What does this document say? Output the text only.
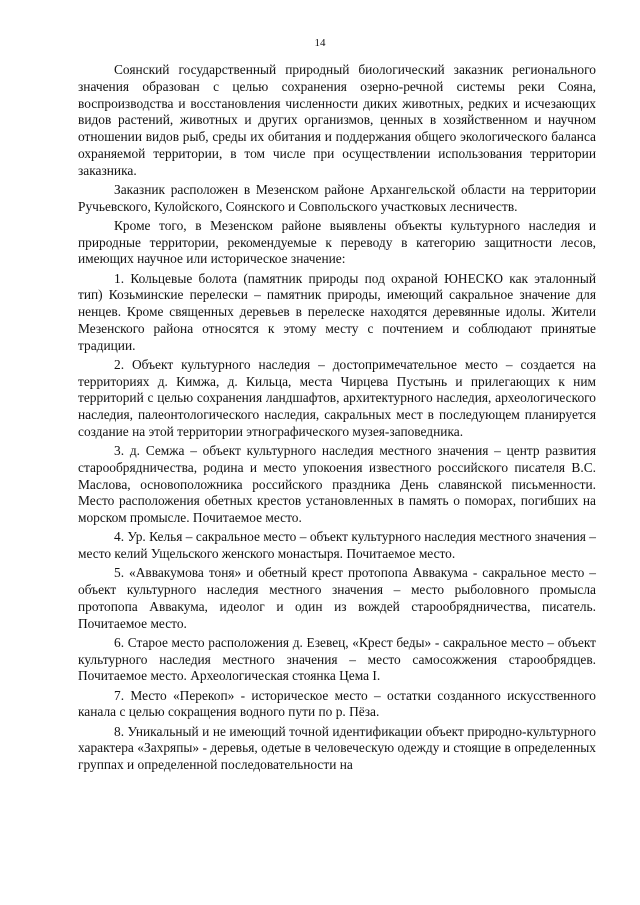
14

Соянский государственный природный биологический заказник регионального значения образован с целью сохранения озерно-речной системы реки Сояна, воспроизводства и восстановления численности диких животных, редких и исчезающих видов растений, животных и других организмов, ценных в хозяйственном и научном отношении видов рыб, среды их обитания и поддержания общего экологического баланса охраняемой территории, в том числе при осуществлении использования территории заказника.

Заказник расположен в Мезенском районе Архангельской области на территории Ручьевского, Кулойского, Соянского и Совпольского участковых лесничеств.

Кроме того, в Мезенском районе выявлены объекты культурного наследия и природные территории, рекомендуемые к переводу в категорию защитности лесов, имеющих научное или историческое значение:

1. Кольцевые болота (памятник природы под охраной ЮНЕСКО как эталонный тип) Козьминские перелески – памятник природы, имеющий сакральное значение для ненцев. Кроме священных деревьев в перелеске находятся деревянные идолы. Жители Мезенского района относятся к этому месту с почтением и соблюдают принятые традиции.

2. Объект культурного наследия – достопримечательное место – создается на территориях д. Кимжа, д. Кильца, места Чирцева Пустынь и прилегающих к ним территорий с целью сохранения ландшафтов, архитектурного наследия, археологического наследия, палеонтологического наследия, сакральных мест в последующем планируется создание на этой территории этнографического музея-заповедника.

3. д. Семжа – объект культурного наследия местного значения – центр развития старообрядничества, родина и место упокоения известного российского писателя В.С. Маслова, основоположника российского праздника День славянской письменности. Место расположения обетных крестов установленных в память о поморах, погибших на морском промысле. Почитаемое место.

4. Ур. Келья – сакральное место – объект культурного наследия местного значения – место келий Ущельского женского монастыря. Почитаемое место.

5. «Аввакумова тоня» и обетный крест протопопа Аввакума - сакральное место – объект культурного наследия местного значения – место рыболовного промысла протопопа Аввакума, идеолог и один из вождей старообрядничества, писатель. Почитаемое место.

6. Старое место расположения д. Езевец, «Крест беды» - сакральное место – объект культурного наследия местного значения – место самосожжения старообрядцев. Почитаемое место. Археологическая стоянка Цема I.

7. Место «Перекоп» - историческое место – остатки созданного искусственного канала с целью сокращения водного пути по р. Пёза.

8. Уникальный и не имеющий точной идентификации объект природно-культурного характера «Захряпы» - деревья, одетые в человеческую одежду и стоящие в определенных группах и определенной последовательности на
